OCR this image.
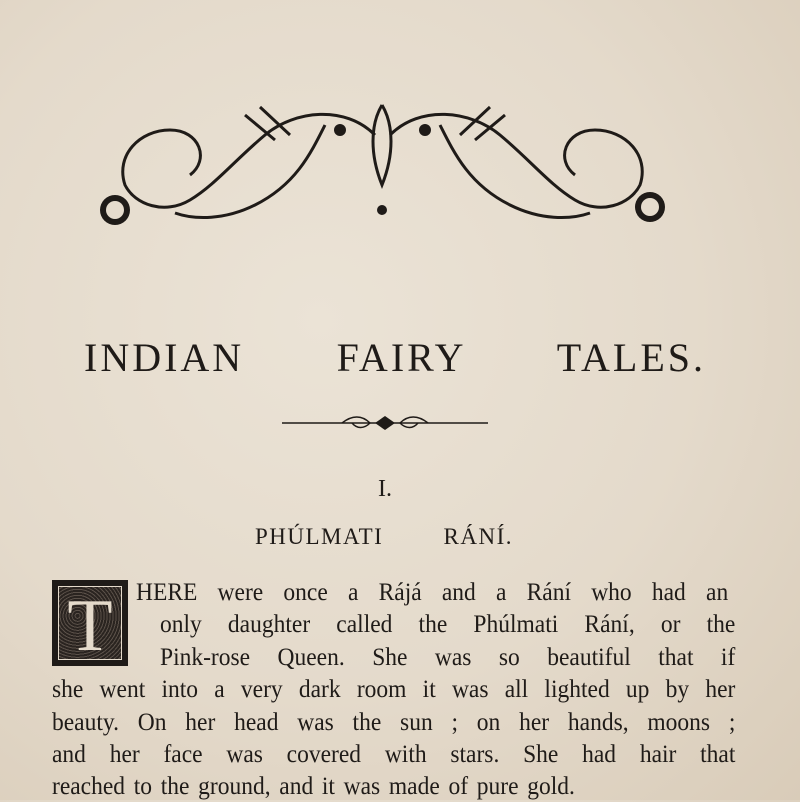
INDIAN FAIRY TALES.
I.
PHÚLMATI RÁNÍ.
T HERE were once a Rájá and a Rání who had an
only daughter called the Phúlmati Rání, or the
Pink-rose Queen. She was so beautiful that if
she went into a very dark room it was all lighted up by her
beauty. On her head was the sun ; on her hands, moons ;
and her face was covered with stars. She had hair that
reached to the ground, and it was made of pure gold.
